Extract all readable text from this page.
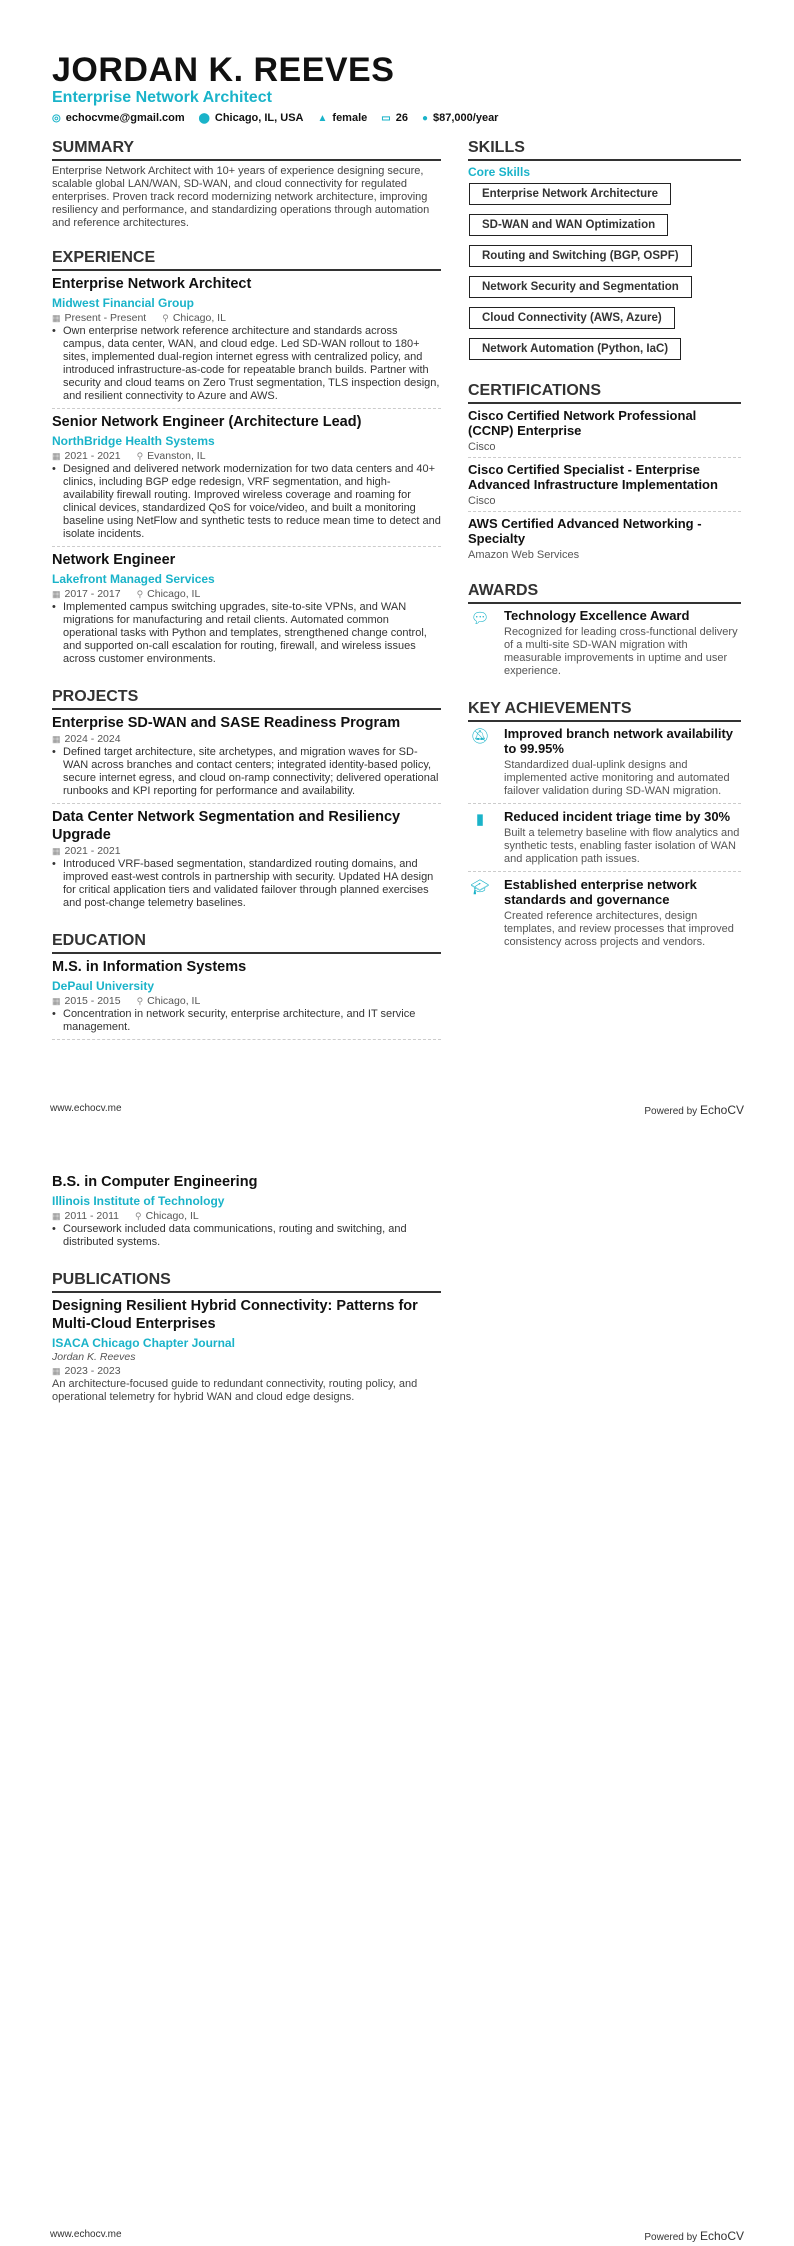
JORDAN K. REEVES
Enterprise Network Architect
◎ echocvme@gmail.com ⬤ Chicago, IL, USA ▲ female ▭ 26 ● $87,000/year
SUMMARY
Enterprise Network Architect with 10+ years of experience designing secure, scalable global LAN/WAN, SD-WAN, and cloud connectivity for regulated enterprises. Proven track record modernizing network architecture, improving resiliency and performance, and standardizing operations through automation and reference architectures.
EXPERIENCE
Enterprise Network Architect
Midwest Financial Group
▦ Present - Present ⚲ Chicago, IL
• Own enterprise network reference architecture and standards across campus, data center, WAN, and cloud edge. Led SD-WAN rollout to 180+ sites, implemented dual-region internet egress with centralized policy, and introduced infrastructure-as-code for repeatable branch builds. Partner with security and cloud teams on Zero Trust segmentation, TLS inspection design, and resilient connectivity to Azure and AWS.
Senior Network Engineer (Architecture Lead)
NorthBridge Health Systems
▦ 2021 - 2021 ⚲ Evanston, IL
• Designed and delivered network modernization for two data centers and 40+ clinics, including BGP edge redesign, VRF segmentation, and high-availability firewall routing. Improved wireless coverage and roaming for clinical devices, standardized QoS for voice/video, and built a monitoring baseline using NetFlow and synthetic tests to reduce mean time to detect and isolate incidents.
Network Engineer
Lakefront Managed Services
▦ 2017 - 2017 ⚲ Chicago, IL
• Implemented campus switching upgrades, site-to-site VPNs, and WAN migrations for manufacturing and retail clients. Automated common operational tasks with Python and templates, strengthened change control, and supported on-call escalation for routing, firewall, and wireless issues across customer environments.
PROJECTS
Enterprise SD-WAN and SASE Readiness Program
▦ 2024 - 2024
• Defined target architecture, site archetypes, and migration waves for SD-WAN across branches and contact centers; integrated identity-based policy, secure internet egress, and cloud on-ramp connectivity; delivered operational runbooks and KPI reporting for performance and availability.
Data Center Network Segmentation and Resiliency Upgrade
▦ 2021 - 2021
• Introduced VRF-based segmentation, standardized routing domains, and improved east-west controls in partnership with security. Updated HA design for critical application tiers and validated failover through planned exercises and post-change telemetry baselines.
EDUCATION
M.S. in Information Systems
DePaul University
▦ 2015 - 2015 ⚲ Chicago, IL
• Concentration in network security, enterprise architecture, and IT service management.
SKILLS
Core Skills
Enterprise Network Architecture
SD-WAN and WAN Optimization
Routing and Switching (BGP, OSPF)
Network Security and Segmentation
Cloud Connectivity (AWS, Azure)
Network Automation (Python, IaC)
CERTIFICATIONS
Cisco Certified Network Professional (CCNP) Enterprise
Cisco
Cisco Certified Specialist - Enterprise Advanced Infrastructure Implementation
Cisco
AWS Certified Advanced Networking - Specialty
Amazon Web Services
AWARDS
💬︎ Technology Excellence Award
Recognized for leading cross-functional delivery of a multi-site SD-WAN migration with measurable improvements in uptime and user experience.
KEY ACHIEVEMENTS
🔕︎ Improved branch network availability to 99.95%
Standardized dual-uplink designs and implemented active monitoring and automated failover validation during SD-WAN migration.
▮	Reduced incident triage time by 30%
Built a telemetry baseline with flow analytics and synthetic tests, enabling faster isolation of WAN and application path issues.
🎓︎ Established enterprise network standards and governance
Created reference architectures, design templates, and review processes that improved consistency across projects and vendors.
www.echocv.me	Powered by EchoCV
B.S. in Computer Engineering
Illinois Institute of Technology
▦ 2011 - 2011 ⚲ Chicago, IL
• Coursework included data communications, routing and switching, and distributed systems.
PUBLICATIONS
Designing Resilient Hybrid Connectivity: Patterns for Multi-Cloud Enterprises
ISACA Chicago Chapter Journal
Jordan K. Reeves
▦ 2023 - 2023
An architecture-focused guide to redundant connectivity, routing policy, and operational telemetry for hybrid WAN and cloud edge designs.
www.echocv.me	Powered by EchoCV
